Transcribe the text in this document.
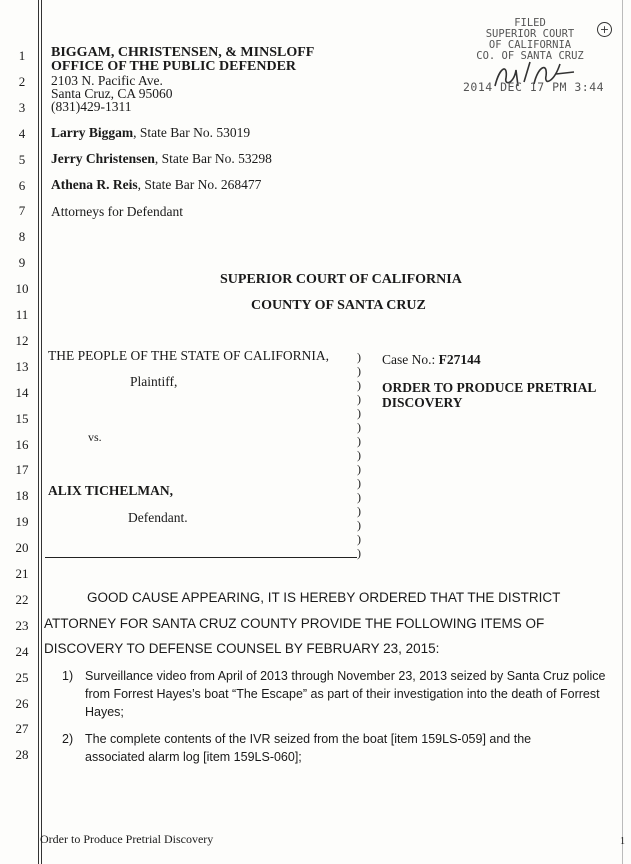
1
2
3
4
5
6
7
8
9
10
11
12
13
14
15
16
17
18
19
20
21
22
23
24
25
26
27
28
BIGGAM, CHRISTENSEN, & MINSLOFF
OFFICE OF THE PUBLIC DEFENDER
2103 N. Pacific Ave.
Santa Cruz, CA 95060
(831)429-1311
Larry Biggam, State Bar No. 53019
Jerry Christensen, State Bar No. 53298
Athena R. Reis, State Bar No. 268477
Attorneys for Defendant
FILED
SUPERIOR COURT
OF CALIFORNIA
CO. OF SANTA CRUZ
2014 DEC 17 PM 3:44
+
SUPERIOR COURT OF CALIFORNIA
COUNTY OF SANTA CRUZ
THE PEOPLE OF THE STATE OF CALIFORNIA,
Plaintiff,
vs.
ALIX TICHELMAN,
Defendant.
)
)
)
)
)
)
)
)
)
)
)
)
)
)
)
Case No.: F27144
ORDER TO PRODUCE PRETRIAL
DISCOVERY
GOOD CAUSE APPEARING, IT IS HEREBY ORDERED THAT THE DISTRICT
ATTORNEY FOR SANTA CRUZ COUNTY PROVIDE THE FOLLOWING ITEMS OF
DISCOVERY TO DEFENSE COUNSEL BY FEBRUARY 23, 2015:
1) Surveillance video from April of 2013 through November 23, 2013 seized by Santa Cruz police from Forrest Hayes’s boat “The Escape” as part of their investigation into the death of Forrest Hayes;
2) The complete contents of the IVR seized from the boat [item 159LS-059] and the associated alarm log [item 159LS-060];
Order to Produce Pretrial Discovery	1
